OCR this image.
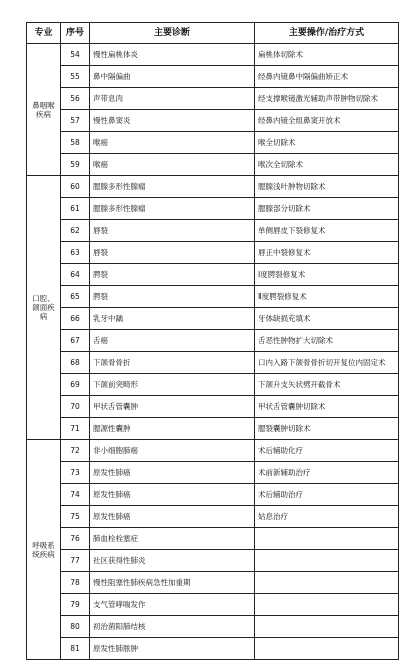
专业	序号	主要诊断	主要操作/治疗方式
鼻咽喉疾病	54	慢性扁桃体炎	扁桃体切除术
	55	鼻中隔偏曲	经鼻内镜鼻中隔偏曲矫正术
	56	声带息肉	经支撑喉镜激光辅助声带肿物切除术
	57	慢性鼻窦炎	经鼻内镜全组鼻窦开放术
	58	喉癌	喉全切除术
	59	喉癌	喉次全切除术
口腔、颌面疾病	60	腮腺多形性腺瘤	腮腺浅叶肿物切除术
	61	腮腺多形性腺瘤	腮腺部分切除术
	62	唇裂	单侧唇皮下裂修复术
	63	唇裂	唇正中裂修复术
	64	腭裂	Ⅰ度腭裂修复术
	65	腭裂	Ⅱ度腭裂修复术
	66	乳牙中龋	牙体缺损充填术
	67	舌癌	舌恶性肿物扩大切除术
	68	下颌骨骨折	口内入路下颌骨骨折切开复位内固定术
	69	下颌前突畸形	下颌升支矢状劈开截骨术
	70	甲状舌管囊肿	甲状舌管囊肿切除术
	71	腮源性囊肿	腮裂囊肿切除术
呼吸系统疾病	72	非小细胞肺癌	术后辅助化疗
	73	原发性肺癌	术前新辅助治疗
	74	原发性肺癌	术后辅助治疗
	75	原发性肺癌	姑息治疗
	76	肺血栓栓塞症	
	77	社区获得性肺炎	
	78	慢性阻塞性肺疾病急性加重期	
	79	支气管哮喘发作	
	80	初治菌阳肺结核	
	81	原发性肺脓肿	
